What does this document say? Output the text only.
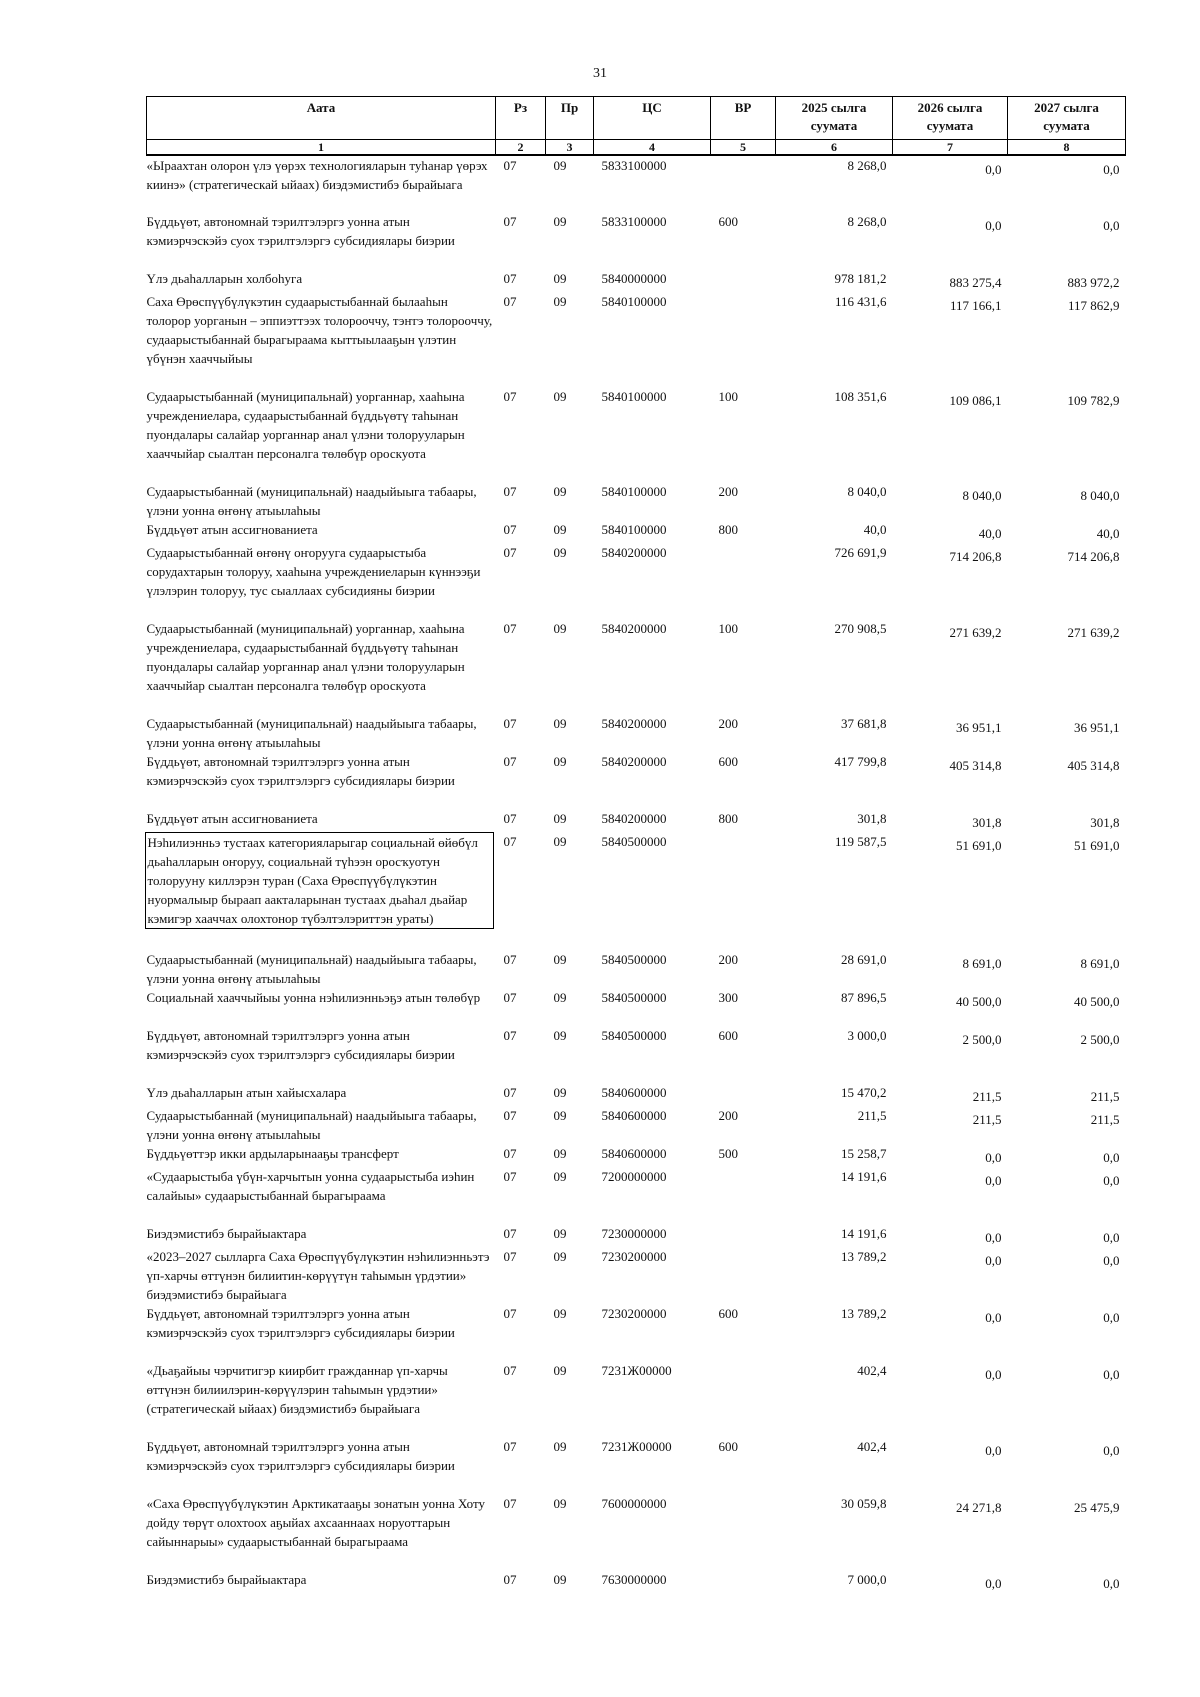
31
Аата	Рз	Пр	ЦС	ВР	2025 сылга суумата	2026 сылга суумата	2027 сылга суумата
1	2	3	4	5	6	7	8
«Ыраахтан олорон үлэ үөрэх технологияларын туһанар үөрэх киинэ» (стратегическай ыйаах) биэдэмистибэ бырайыага	07	09	5833100000		8 268,0	0,0	0,0
Бүддьүөт, автономнай тэрилтэлэргэ уонна атын кэмиэрчэскэйэ суох тэрилтэлэргэ субсидиялары биэрии	07	09	5833100000	600	8 268,0	0,0	0,0
Үлэ дьаһалларын холбоһуга	07	09	5840000000		978 181,2	883 275,4	883 972,2
Саха Өрөспүүбүлүкэтин судаарыстыбаннай былааһын толорор уорганын – эппиэттээх толорооччу, тэҥгэ толорооччу, судаарыстыбаннай бырагыраама кыттыылааҕын үлэтин үбүнэн хааччыйыы	07	09	5840100000		116 431,6	117 166,1	117 862,9
Судаарыстыбаннай (муниципальнай) уорганнар, хааһына учреждениелара, судаарыстыбаннай бүддьүөтү таһынан пуондалары салайар уорганнар анал үлэни толорууларын хааччыйар сыалтан персоналга төлөбүр ороскуота	07	09	5840100000	100	108 351,6	109 086,1	109 782,9
Судаарыстыбаннай (муниципальнай) наадыйыыга табаары, үлэни уонна өҥөнү атыылаһыы	07	09	5840100000	200	8 040,0	8 040,0	8 040,0
Бүддьүөт атын ассигнованиета	07	09	5840100000	800	40,0	40,0	40,0
Судаарыстыбаннай өҥөнү оҥорууга судаарыстыба сорудахтарын толоруу, хааһына учреждениеларын күннээҕи үлэлэрин толоруу, тус сыаллаах субсидияны биэрии	07	09	5840200000		726 691,9	714 206,8	714 206,8
Судаарыстыбаннай (муниципальнай) уорганнар, хааһына учреждениелара, судаарыстыбаннай бүддьүөтү таһынан пуондалары салайар уорганнар анал үлэни толорууларын хааччыйар сыалтан персоналга төлөбүр ороскуота	07	09	5840200000	100	270 908,5	271 639,2	271 639,2
Судаарыстыбаннай (муниципальнай) наадыйыыга табаары, үлэни уонна өҥөнү атыылаһыы	07	09	5840200000	200	37 681,8	36 951,1	36 951,1
Бүддьүөт, автономнай тэрилтэлэргэ уонна атын кэмиэрчэскэйэ суох тэрилтэлэргэ субсидиялары биэрии	07	09	5840200000	600	417 799,8	405 314,8	405 314,8
Бүддьүөт атын ассигнованиета	07	09	5840200000	800	301,8	301,8	301,8

Нэһилиэнньэ тустаах категорияларыгар социальнай өйөбүл дьаһалларын оҥоруу, социальнай түһээн оросҡуотун толорууну киллэрэн туран (Саха Өрөспүүбүлүкэтин нуормалыыр быраап аакталарынан тустаах дьаһал дьайар кэмигэр хааччах олохтонор түбэлтэлэриттэн ураты)	07	09	5840500000		119 587,5	51 691,0	51 691,0
Судаарыстыбаннай (муниципальнай) наадыйыыга табаары, үлэни уонна өҥөнү атыылаһыы	07	09	5840500000	200	28 691,0	8 691,0	8 691,0
Социальнай хааччыйыы уонна нэһилиэнньэҕэ атын төлөбүр	07	09	5840500000	300	87 896,5	40 500,0	40 500,0
Бүддьүөт, автономнай тэрилтэлэргэ уонна атын кэмиэрчэскэйэ суох тэрилтэлэргэ субсидиялары биэрии	07	09	5840500000	600	3 000,0	2 500,0	2 500,0
Үлэ дьаһалларын атын хайысхалара	07	09	5840600000		15 470,2	211,5	211,5
Судаарыстыбаннай (муниципальнай) наадыйыыга табаары, үлэни уонна өҥөнү атыылаһыы	07	09	5840600000	200	211,5	211,5	211,5
Бүддьүөттэр икки ардыларынааҕы трансферт	07	09	5840600000	500	15 258,7	0,0	0,0
«Судаарыстыба үбүн-харчытын уонна судаарыстыба иэһин салайыы» судаарыстыбаннай бырагыраама	07	09	7200000000		14 191,6	0,0	0,0
Биэдэмистибэ бырайыактара	07	09	7230000000		14 191,6	0,0	0,0
«2023–2027 сылларга Саха Өрөспүүбүлүкэтин нэһилиэнньэтэ үп-харчы өттүнэн билиитин-көрүүтүн таһымын үрдэтии» биэдэмистибэ бырайыага	07	09	7230200000		13 789,2	0,0	0,0
Бүддьүөт, автономнай тэрилтэлэргэ уонна атын кэмиэрчэскэйэ суох тэрилтэлэргэ субсидиялары биэрии	07	09	7230200000	600	13 789,2	0,0	0,0
«Дьаҕайыы чэрчитигэр киирбит гражданнар үп-харчы өттүнэн билиилэрин-көрүүлэрин таһымын үрдэтии» (стратегическай ыйаах) биэдэмистибэ бырайыага	07	09	7231Ж00000		402,4	0,0	0,0
Бүддьүөт, автономнай тэрилтэлэргэ уонна атын кэмиэрчэскэйэ суох тэрилтэлэргэ субсидиялары биэрии	07	09	7231Ж00000	600	402,4	0,0	0,0
«Саха Өрөспүүбүлүкэтин Арктикатааҕы зонатын уонна Хоту дойду төрүт олохтоох аҕыйах ахсааннаах норуоттарын сайыннарыы» судаарыстыбаннай бырагыраама	07	09	7600000000		30 059,8	24 271,8	25 475,9
Биэдэмистибэ бырайыактара	07	09	7630000000		7 000,0	0,0	0,0
